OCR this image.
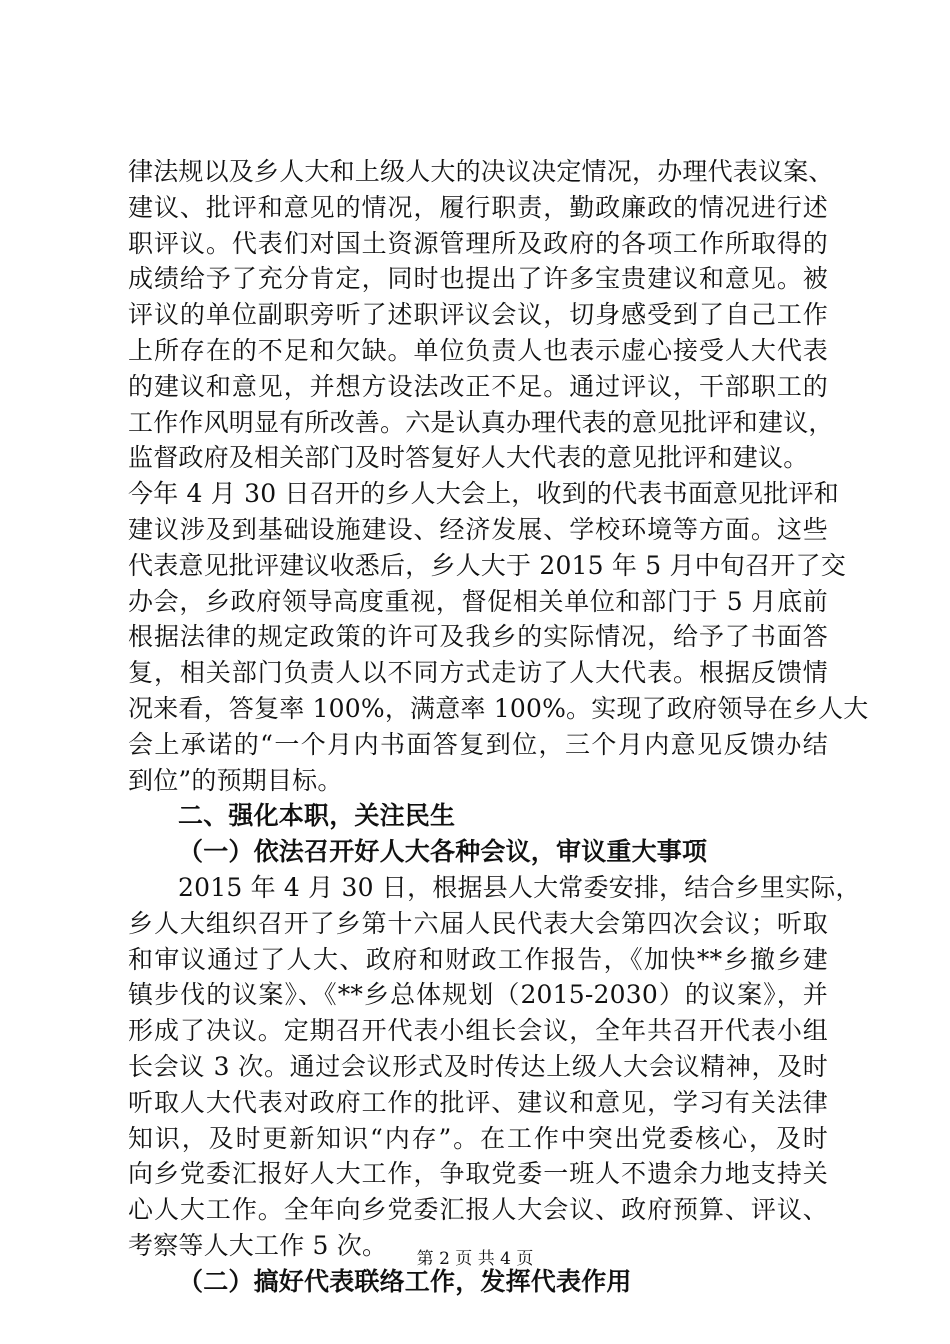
律法规以及乡人大和上级人大的决议决定情况，办理代表议案、
建议、批评和意见的情况，履行职责，勤政廉政的情况进行述
职评议。代表们对国土资源管理所及政府的各项工作所取得的
成绩给予了充分肯定，同时也提出了许多宝贵建议和意见。被
评议的单位副职旁听了述职评议会议，切身感受到了自己工作
上所存在的不足和欠缺。单位负责人也表示虚心接受人大代表
的建议和意见，并想方设法改正不足。通过评议，干部职工的
工作作风明显有所改善。六是认真办理代表的意见批评和建议，
监督政府及相关部门及时答复好人大代表的意见批评和建议。
今年 4 月 30 日召开的乡人大会上，收到的代表书面意见批评和
建议涉及到基础设施建设、经济发展、学校环境等方面。这些
代表意见批评建议收悉后，乡人大于 2015 年 5 月中旬召开了交
办会，乡政府领导高度重视，督促相关单位和部门于 5 月底前
根据法律的规定政策的许可及我乡的实际情况，给予了书面答
复，相关部门负责人以不同方式走访了人大代表。根据反馈情
况来看，答复率 100%，满意率 100%。实现了政府领导在乡人大
会上承诺的“一个月内书面答复到位，三个月内意见反馈办结
到位”的预期目标。
二、强化本职，关注民生
（一）依法召开好人大各种会议，审议重大事项
2015 年 4 月 30 日，根据县人大常委安排，结合乡里实际，
乡人大组织召开了乡第十六届人民代表大会第四次会议；听取
和审议通过了人大、政府和财政工作报告，《加快**乡撤乡建
镇步伐的议案》、《**乡总体规划（2015-2030）的议案》，并
形成了决议。定期召开代表小组长会议，全年共召开代表小组
长会议 3 次。通过会议形式及时传达上级人大会议精神，及时
听取人大代表对政府工作的批评、建议和意见，学习有关法律
知识，及时更新知识“内存”。在工作中突出党委核心，及时
向乡党委汇报好人大工作，争取党委一班人不遗余力地支持关
心人大工作。全年向乡党委汇报人大会议、政府预算、评议、
考察等人大工作 5 次。
（二）搞好代表联络工作，发挥代表作用
第 2 页 共 4 页
